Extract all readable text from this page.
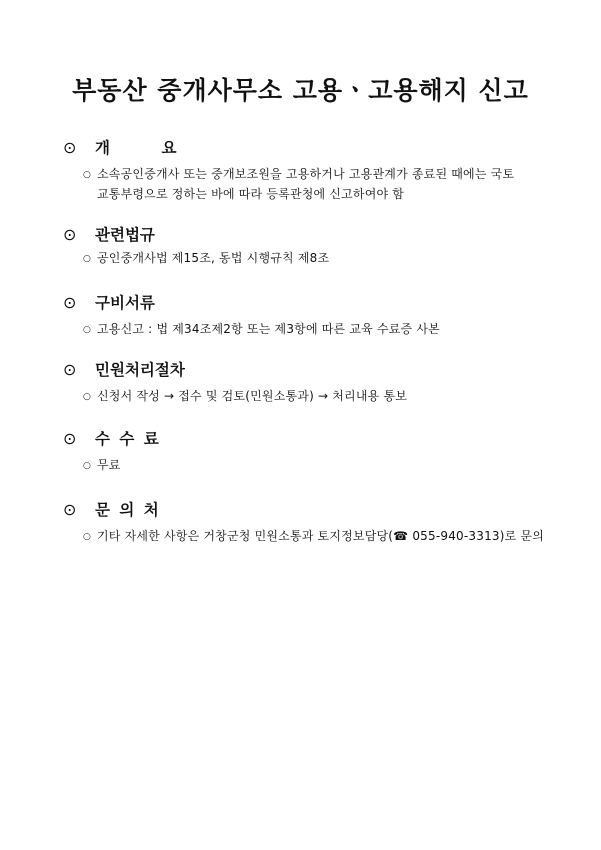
부동산 중개사무소 고용ㆍ고용해지 신고
⊙	개    요
○ 소속공인중개사 또는 중개보조원을 고용하거나 고용관계가 종료된 때에는 국토
교통부령으로 정하는 바에 따라 등록관청에 신고하여야 함
⊙	관련법규
○ 공인중개사법 제15조, 동법 시행규칙 제8조
⊙	구비서류
○ 고용신고 : 법 제34조제2항 또는 제3항에 따른 교육 수료증 사본
⊙	민원처리절차
○ 신청서 작성 → 접수 및 검토(민원소통과) → 처리내용 통보
⊙	수 수 료
○ 무료
⊙	문 의 처
○ 기타 자세한 사항은 거창군청 민원소통과 토지정보담당(☎ 055-940-3313)로 문의
